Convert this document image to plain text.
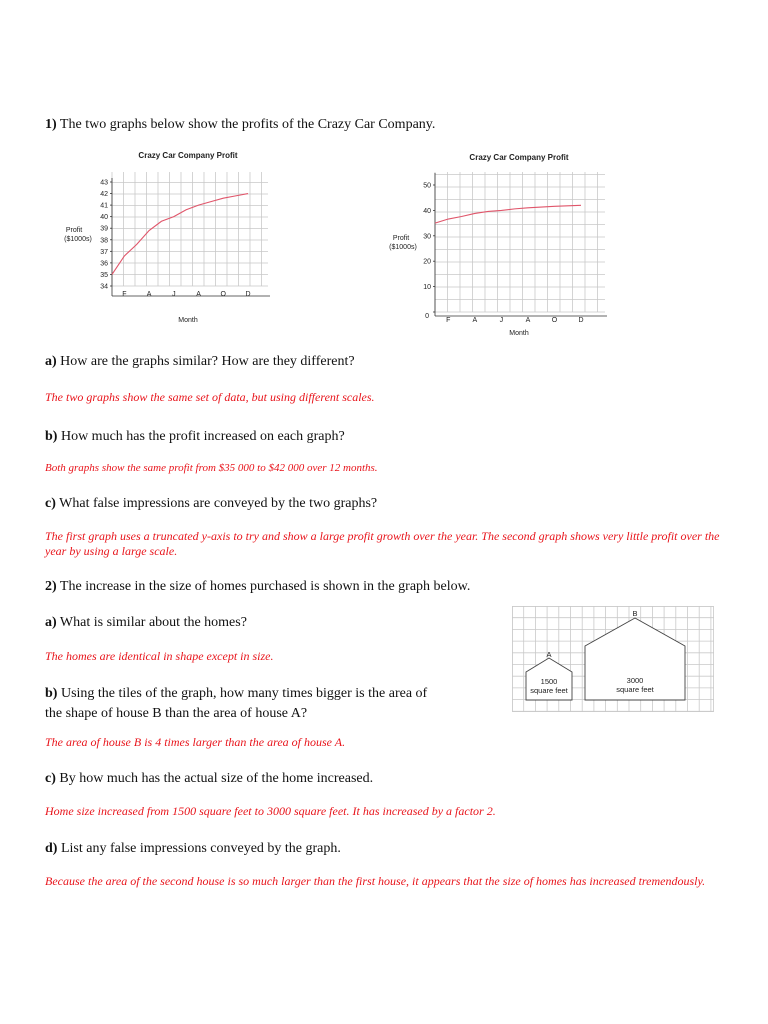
1) The two graphs below show the profits of the Crazy Car Company.
Crazy Car Company Profit
34
35
36
37
38
39
40
41
42
43
F	A	J	A	O	D
Profit
($1000s)
Month
Crazy Car Company Profit
0
10
20
30
40
50
F	A	J	A	O	D
Profit
($1000s)
Month
a) How are the graphs similar? How are they different?
The two graphs show the same set of data, but using different scales.
b) How much has the profit increased on each graph?
Both graphs show the same profit from $35 000 to $42 000 over 12 months.
c) What false impressions are conveyed by the two graphs?
The first graph uses a truncated y-axis to try and show a large profit growth over the year. The second graph shows very little profit over the year by using a large scale.
2) The increase in the size of homes purchased is shown in the graph below.
a) What is similar about the homes?
The homes are identical in shape except in size.	A
1500
square feet
B
3000
square feet
b) Using the tiles of the graph, how many times bigger is the area of
the shape of house B than the area of house A?
The area of house B is 4 times larger than the area of house A.
c) By how much has the actual size of the home increased.
Home size increased from 1500 square feet to 3000 square feet. It has increased by a factor 2.
d) List any false impressions conveyed by the graph.
Because the area of the second house is so much larger than the first house, it appears that the size of homes has increased tremendously.
